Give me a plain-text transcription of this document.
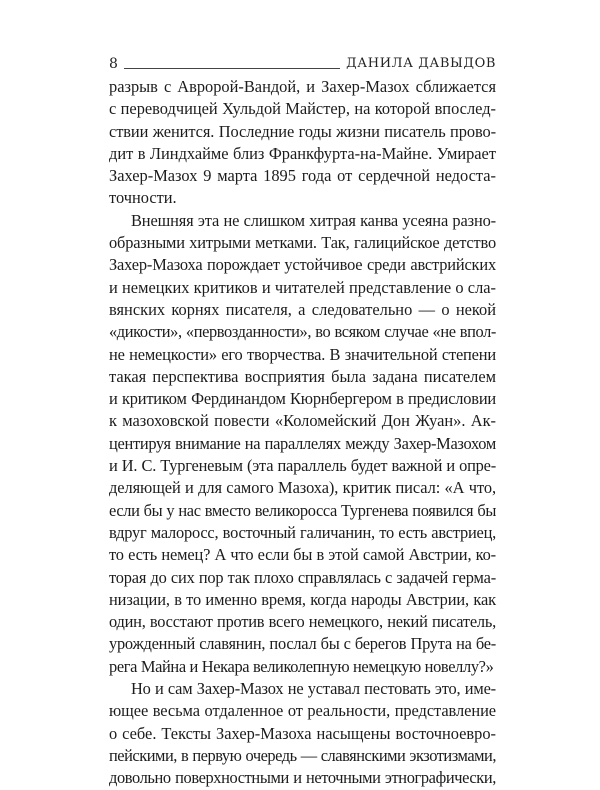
8	ДАНИЛА ДАВЫДОВ
разрыв с Авророй-Вандой, и Захер-Мазох сближается
с переводчицей Хульдой Майстер, на которой впослед-
ствии женится. Последние годы жизни писатель прово-
дит в Линдхайме близ Франкфурта-на-Майне. Умирает
Захер-Мазох 9 марта 1895 года от сердечной недоста-
точности.
Внешняя эта не слишком хитрая канва усеяна разно-
образными хитрыми метками. Так, галицийское детство
Захер-Мазоха порождает устойчивое среди австрийских
и немецких критиков и читателей представление о сла-
вянских корнях писателя, а следовательно — о некой
«дикости», «первозданности», во всяком случае «не впол-
не немецкости» его творчества. В значительной степени
такая перспектива восприятия была задана писателем
и критиком Фердинандом Кюрнбергером в предисловии
к мазоховской повести «Коломейский Дон Жуан». Ак-
центируя внимание на параллелях между Захер-Мазохом
и И. С. Тургеневым (эта параллель будет важной и опре-
деляющей и для самого Мазоха), критик писал: «А что,
если бы у нас вместо великоросса Тургенева появился бы
вдруг малоросс, восточный галичанин, то есть австриец,
то есть немец? А что если бы в этой самой Австрии, ко-
торая до сих пор так плохо справлялась с задачей герма-
низации, в то именно время, когда народы Австрии, как
один, восстают против всего немецкого, некий писатель,
урожденный славянин, послал бы с берегов Прута на бе-
рега Майна и Некара великолепную немецкую новеллу?»
Но и сам Захер-Мазох не уставал пестовать это, име-
ющее весьма отдаленное от реальности, представление
о себе. Тексты Захер-Мазоха насыщены восточноевро-
пейскими, в первую очередь — славянскими экзотизмами,
довольно поверхностными и неточными этнографически,
